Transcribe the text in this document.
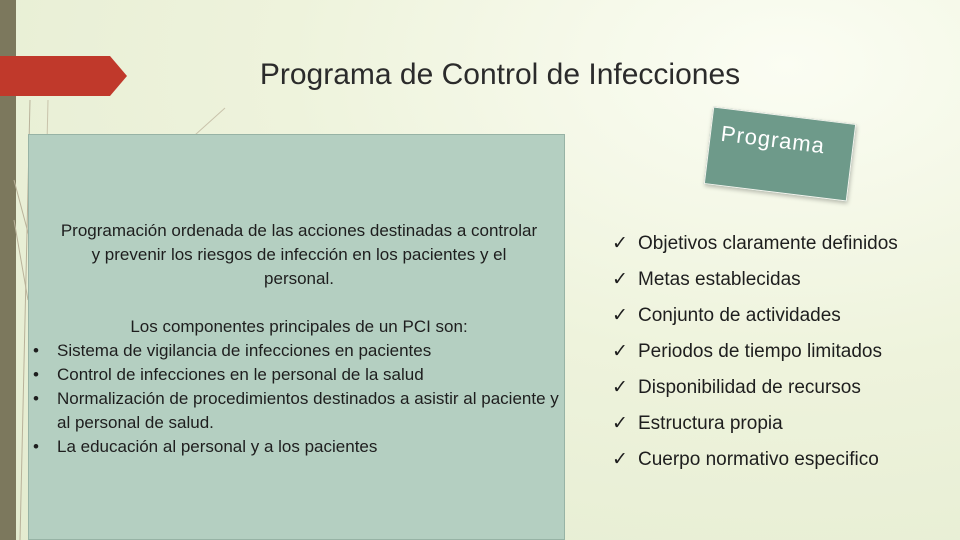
Programa de Control de Infecciones
Programa
Programación ordenada de las acciones destinadas a controlar y prevenir los riesgos de infección en los pacientes y el personal.
Los componentes principales de un PCI son:
• Sistema de vigilancia de infecciones en pacientes
• Control de infecciones en le personal de la salud
• Normalización de procedimientos destinados a asistir al paciente y al personal de salud.
• La educación al personal y a los pacientes
✓ Objetivos claramente definidos
✓ Metas establecidas
✓ Conjunto de actividades
✓ Periodos de tiempo limitados
✓ Disponibilidad de recursos
✓ Estructura propia
✓ Cuerpo normativo especifico
